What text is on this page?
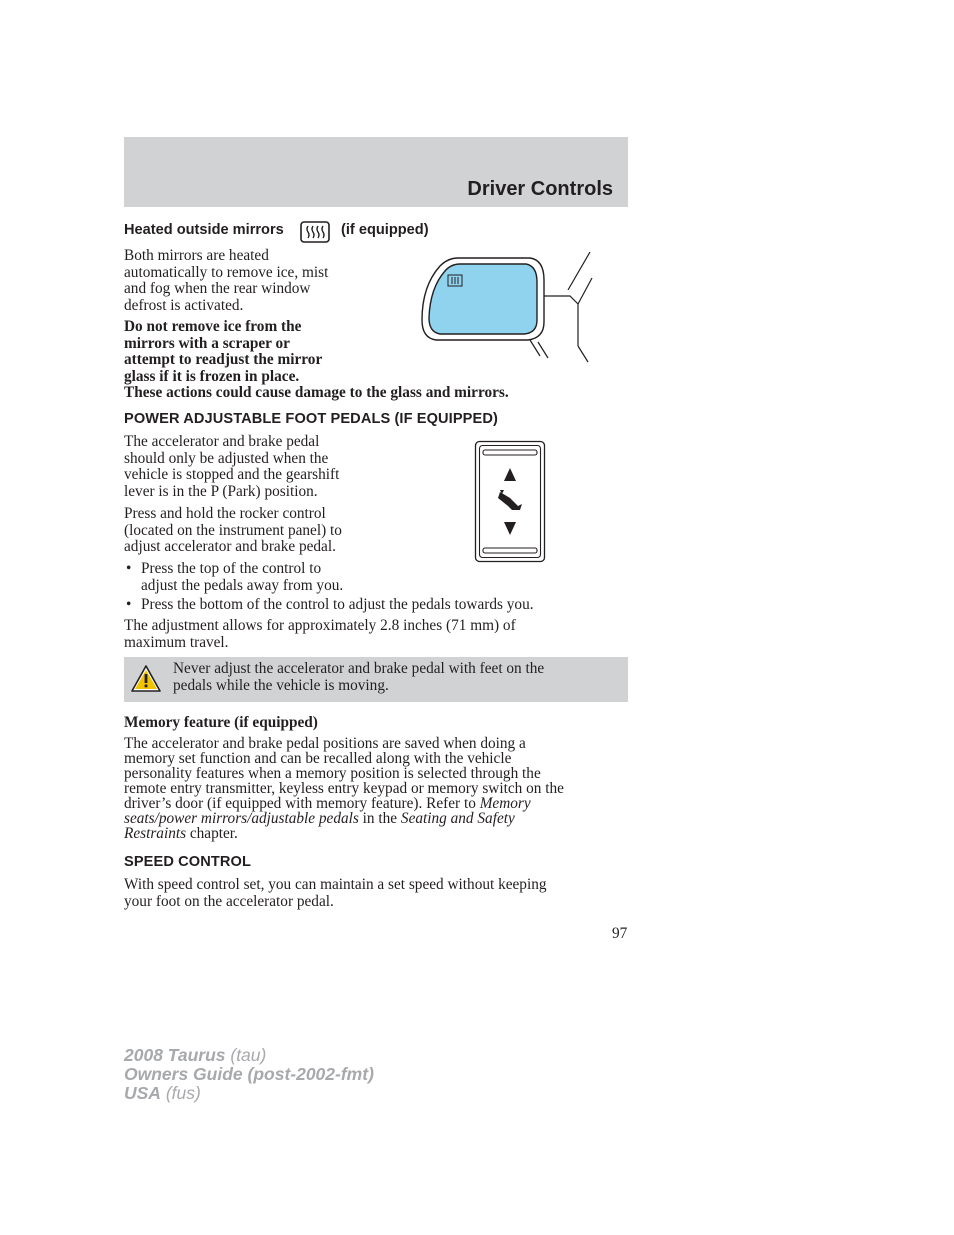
Driver Controls
Heated outside mirrors	(if equipped)
Both mirrors are heated
automatically to remove ice, mist
and fog when the rear window
defrost is activated.
Do not remove ice from the
mirrors with a scraper or
attempt to readjust the mirror
glass if it is frozen in place.
These actions could cause damage to the glass and mirrors.
POWER ADJUSTABLE FOOT PEDALS (IF EQUIPPED)
The accelerator and brake pedal
should only be adjusted when the
vehicle is stopped and the gearshift
lever is in the P (Park) position.
Press and hold the rocker control
(located on the instrument panel) to
adjust accelerator and brake pedal.
• Press the top of the control to
adjust the pedals away from you.
• Press the bottom of the control to adjust the pedals towards you.
The adjustment allows for approximately 2.8 inches (71 mm) of
maximum travel.
Never adjust the accelerator and brake pedal with feet on the
pedals while the vehicle is moving.
Memory feature (if equipped)
The accelerator and brake pedal positions are saved when doing a
memory set function and can be recalled along with the vehicle
personality features when a memory position is selected through the
remote entry transmitter, keyless entry keypad or memory switch on the
driver’s door (if equipped with memory feature). Refer to Memory
seats/power mirrors/adjustable pedals in the Seating and Safety
Restraints chapter.
SPEED CONTROL
With speed control set, you can maintain a set speed without keeping
your foot on the accelerator pedal.
97
2008 Taurus (tau)
Owners Guide (post-2002-fmt)
USA (fus)
